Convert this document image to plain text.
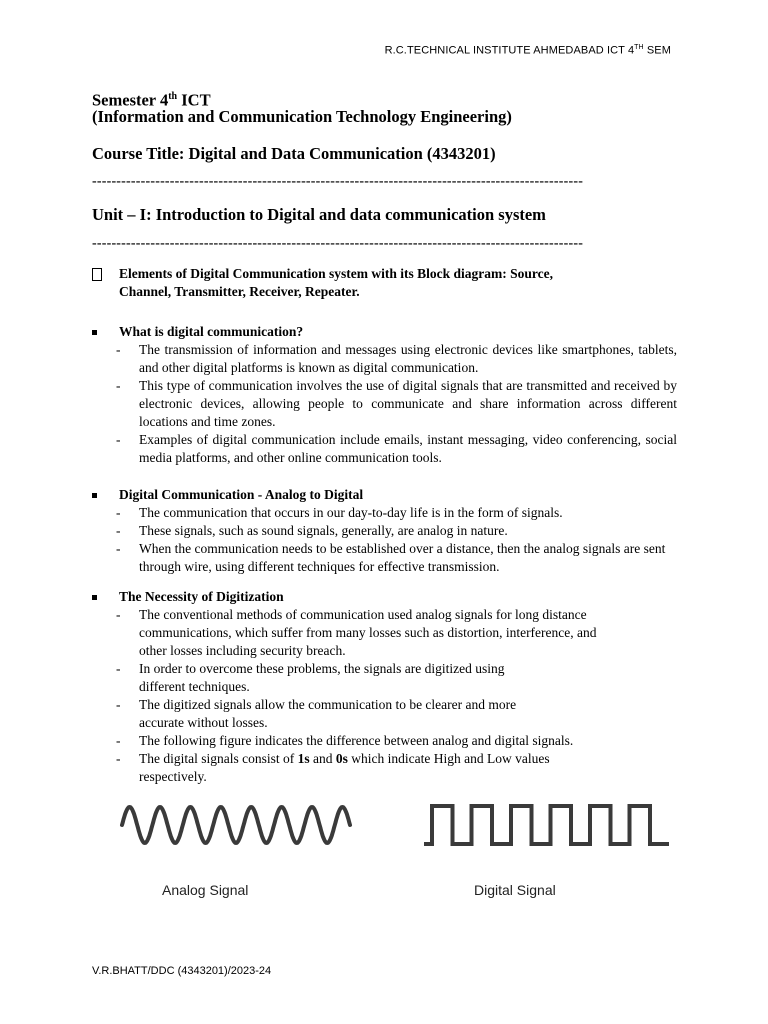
R.C.TECHNICAL INSTITUTE AHMEDABAD ICT 4TH SEM
Semester 4th ICT
(Information and Communication Technology Engineering)
Course Title: Digital and Data Communication (4343201)
-----------------------------------------------------------------------------------------------------
Unit – I: Introduction to Digital and data communication system
-----------------------------------------------------------------------------------------------------
Elements of Digital Communication system with its Block diagram: Source,
Channel, Transmitter, Receiver, Repeater.
What is digital communication?
- The transmission of information and messages using electronic devices like smartphones, tablets, and other digital platforms is known as digital communication.
- This type of communication involves the use of digital signals that are transmitted and received by electronic devices, allowing people to communicate and share information across different locations and time zones.
- Examples of digital communication include emails, instant messaging, video conferencing, social media platforms, and other online communication tools.
Digital Communication - Analog to Digital
- The communication that occurs in our day-to-day life is in the form of signals.
- These signals, such as sound signals, generally, are analog in nature.
- When the communication needs to be established over a distance, then the analog signals are sent through wire, using different techniques for effective transmission.
The Necessity of Digitization
- The conventional methods of communication used analog signals for long distance communications, which suffer from many losses such as distortion, interference, and other losses including security breach.
- In order to overcome these problems, the signals are digitized using different techniques.
- The digitized signals allow the communication to be clearer and more accurate without losses.
- The following figure indicates the difference between analog and digital signals.
- The digital signals consist of 1s and 0s which indicate High and Low values respectively.
Analog Signal	Digital Signal
V.R.BHATT/DDC (4343201)/2023-24
